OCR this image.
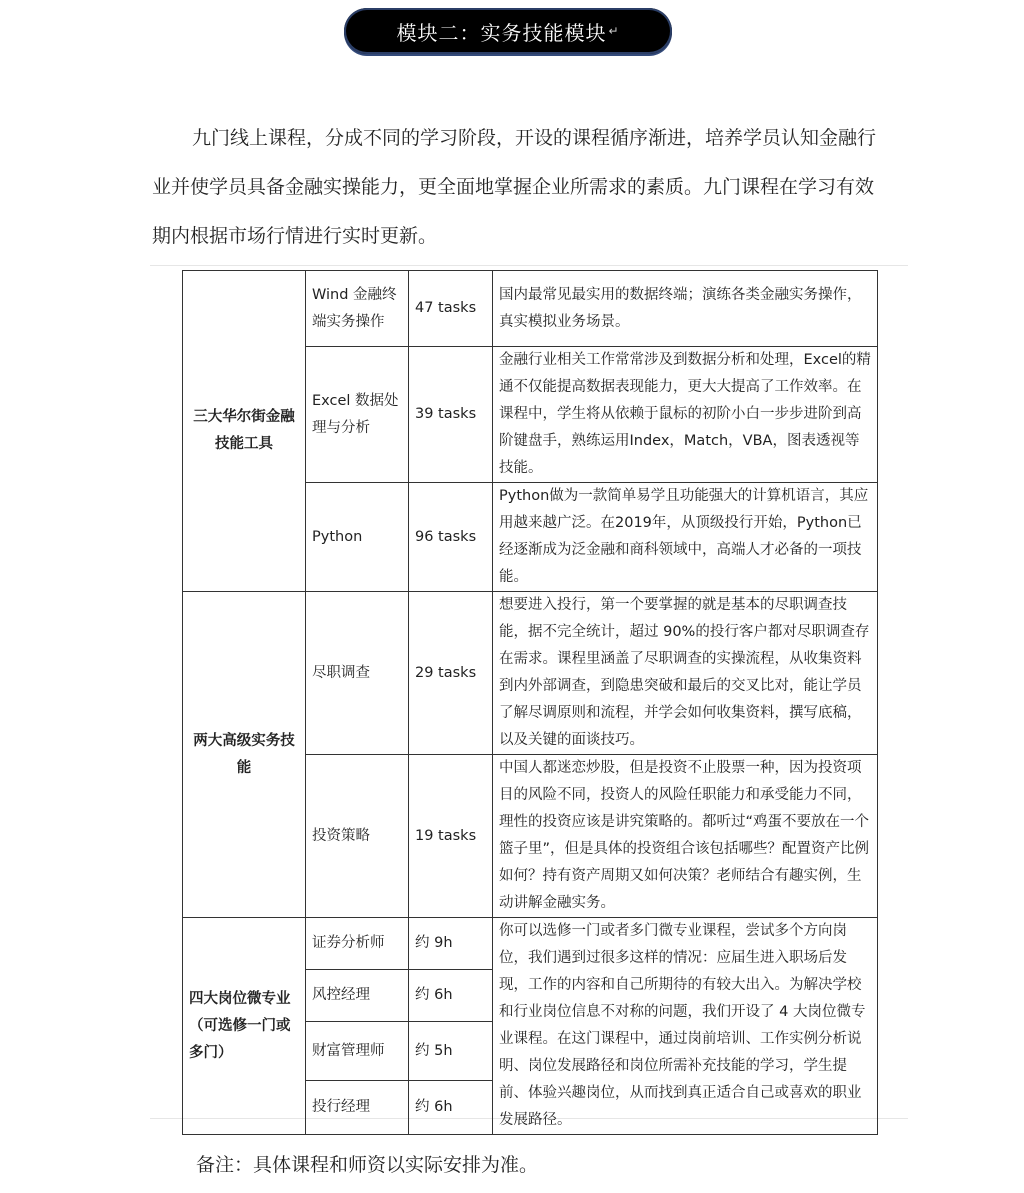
模块二：实务技能模块 ↵

九门线上课程，分成不同的学习阶段，开设的课程循序渐进，培养学员认知金融行业并使学员具备金融实操能力，更全面地掌握企业所需求的素质。九门课程在学习有效期内根据市场行情进行实时更新。

三大华尔街金融技能工具	Wind 金融终端实务操作	47 tasks	国内最常见最实用的数据终端；演练各类金融实务操作，真实模拟业务场景。
	Excel 数据处理与分析	39 tasks	金融行业相关工作常常涉及到数据分析和处理，Excel的精通不仅能提高数据表现能力，更大大提高了工作效率。在课程中，学生将从依赖于鼠标的初阶小白一步步进阶到高阶键盘手，熟练运用Index，Match，VBA，图表透视等技能。
	Python	96 tasks	Python做为一款简单易学且功能强大的计算机语言，其应用越来越广泛。在2019年，从顶级投行开始，Python已经逐渐成为泛金融和商科领域中，高端人才必备的一项技能。
两大高级实务技能	尽职调查	29 tasks	想要进入投行，第一个要掌握的就是基本的尽职调查技能，据不完全统计，超过 90%的投行客户都对尽职调查存在需求。课程里涵盖了尽职调查的实操流程，从收集资料到内外部调查，到隐患突破和最后的交叉比对，能让学员了解尽调原则和流程，并学会如何收集资料，撰写底稿，以及关键的面谈技巧。
	投资策略	19 tasks	中国人都迷恋炒股，但是投资不止股票一种，因为投资项目的风险不同，投资人的风险任职能力和承受能力不同，理性的投资应该是讲究策略的。都听过“鸡蛋不要放在一个篮子里”，但是具体的投资组合该包括哪些？配置资产比例如何？持有资产周期又如何决策？老师结合有趣实例，生动讲解金融实务。
四大岗位微专业（可选修一门或多门）	证券分析师	约 9h	你可以选修一门或者多门微专业课程，尝试多个方向岗位，我们遇到过很多这样的情况：应届生进入职场后发现，工作的内容和自己所期待的有较大出入。为解决学校和行业岗位信息不对称的问题，我们开设了 4 大岗位微专业课程。在这门课程中，通过岗前培训、工作实例分析说明、岗位发展路径和岗位所需补充技能的学习，学生提前、体验兴趣岗位，从而找到真正适合自己或喜欢的职业发展路径。
	风控经理	约 6h	
	财富管理师	约 5h	
	投行经理	约 6h	
备注：具体课程和师资以实际安排为准。
